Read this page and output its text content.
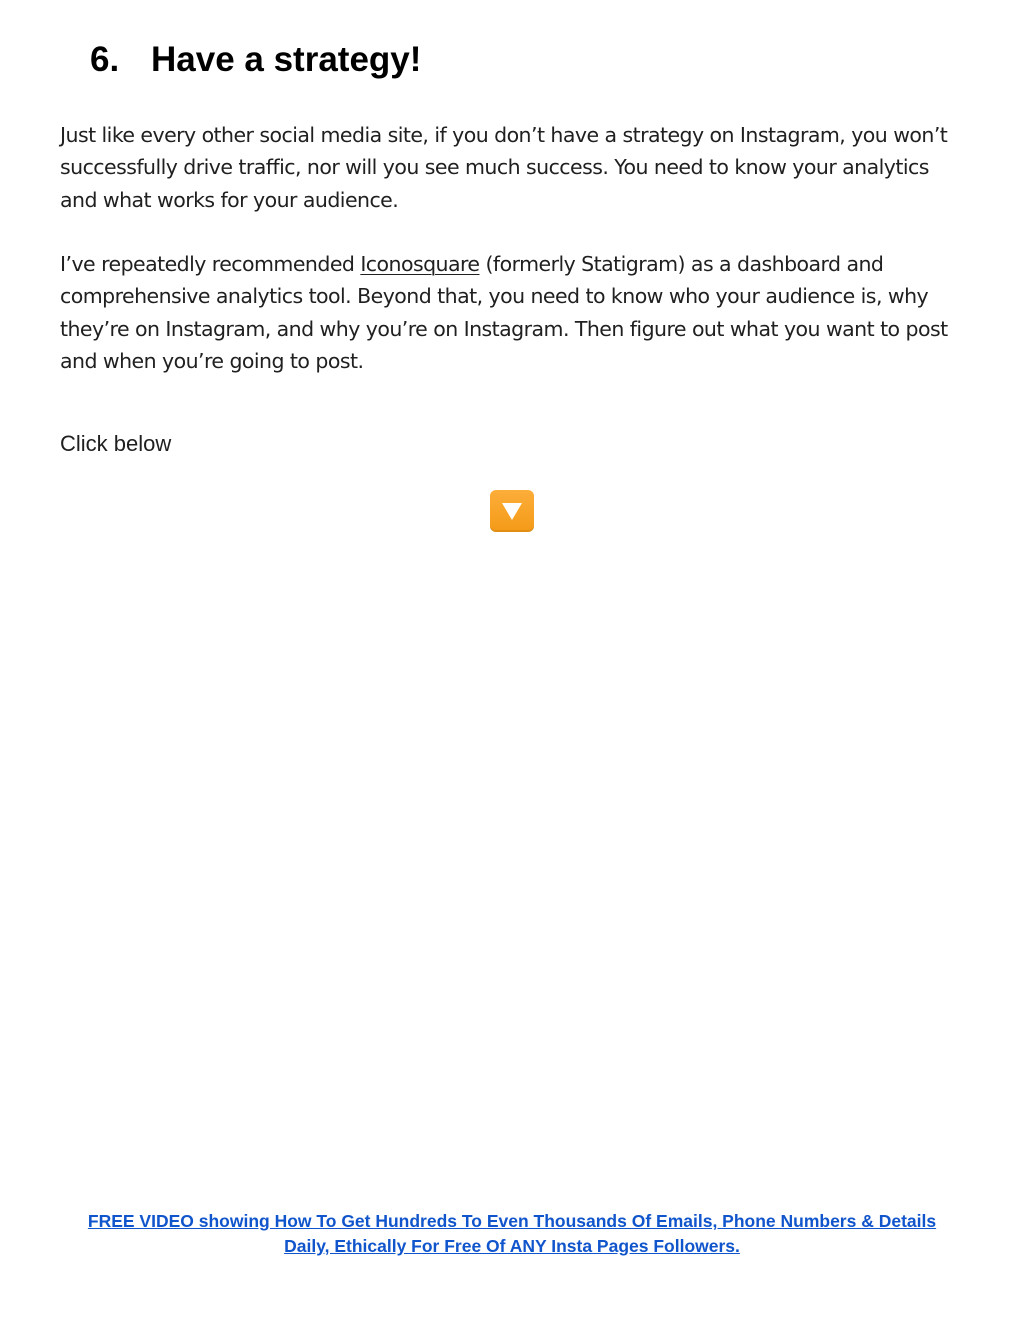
6. Have a strategy!

Just like every other social media site, if you don’t have a strategy on Instagram, you won’t successfully drive traffic, nor will you see much success. You need to know your analytics and what works for your audience.

I’ve repeatedly recommended Iconosquare (formerly Statigram) as a dashboard and comprehensive analytics tool. Beyond that, you need to know who your audience is, why they’re on Instagram, and why you’re on Instagram. Then figure out what you want to post and when you’re going to post.

Click below

FREE VIDEO showing How To Get Hundreds To Even Thousands Of Emails, Phone Numbers & Details
Daily, Ethically For Free Of ANY Insta Pages Followers.
